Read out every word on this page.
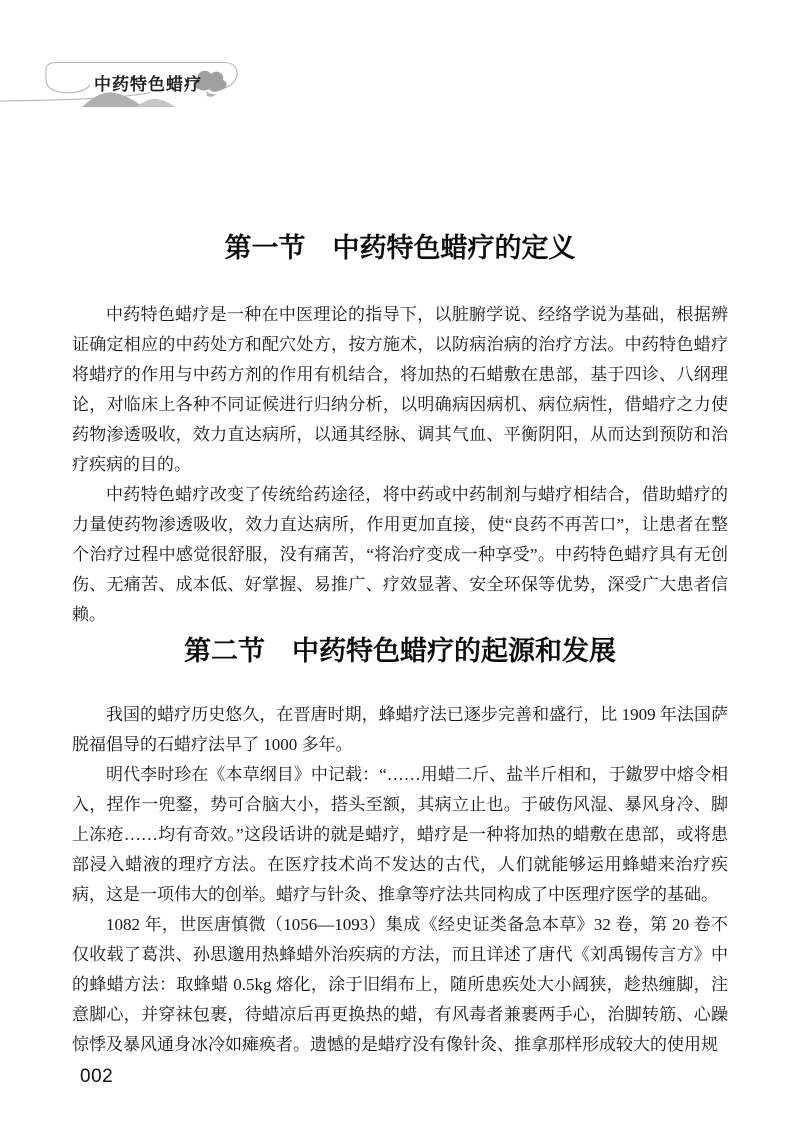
中药特色蜡疗
第一节　中药特色蜡疗的定义

中药特色蜡疗是一种在中医理论的指导下，以脏腑学说、经络学说为基础，根据辨证确定相应的中药处方和配穴处方，按方施术，以防病治病的治疗方法。中药特色蜡疗将蜡疗的作用与中药方剂的作用有机结合，将加热的石蜡敷在患部，基于四诊、八纲理论，对临床上各种不同证候进行归纳分析，以明确病因病机、病位病性，借蜡疗之力使药物渗透吸收，效力直达病所，以通其经脉、调其气血、平衡阴阳，从而达到预防和治疗疾病的目的。

中药特色蜡疗改变了传统给药途径，将中药或中药制剂与蜡疗相结合，借助蜡疗的力量使药物渗透吸收，效力直达病所，作用更加直接，使“良药不再苦口”，让患者在整个治疗过程中感觉很舒服，没有痛苦，“将治疗变成一种享受”。中药特色蜡疗具有无创伤、无痛苦、成本低、好掌握、易推广、疗效显著、安全环保等优势，深受广大患者信赖。

第二节　中药特色蜡疗的起源和发展

我国的蜡疗历史悠久，在晋唐时期，蜂蜡疗法已逐步完善和盛行，比 1909 年法国萨脱福倡导的石蜡疗法早了 1000 多年。

明代李时珍在《本草纲目》中记载：“……用蜡二斤、盐半斤相和，于𨫼罗中熔令相入，捏作一兜鍪，势可合脑大小，搭头至额，其病立止也。于破伤风湿、暴风身冷、脚上冻疮……均有奇效。”这段话讲的就是蜡疗，蜡疗是一种将加热的蜡敷在患部，或将患部浸入蜡液的理疗方法。在医疗技术尚不发达的古代，人们就能够运用蜂蜡来治疗疾病，这是一项伟大的创举。蜡疗与针灸、推拿等疗法共同构成了中医理疗医学的基础。

1082 年，世医唐慎微（1056—1093）集成《经史证类备急本草》32 卷，第 20 卷不仅收载了葛洪、孙思邈用热蜂蜡外治疾病的方法，而且详述了唐代《刘禹锡传言方》中的蜂蜡方法：取蜂蜡 0.5kg 熔化，涂于旧绢布上，随所患疾处大小阔狭，趁热缠脚，注意脚心，并穿袜包裹，待蜡凉后再更换热的蜡，有风毒者兼裹两手心，治脚转筋、心躁惊悸及暴风通身冰冷如瘫痪者。遗憾的是蜡疗没有像针灸、推拿那样形成较大的使用规

002
